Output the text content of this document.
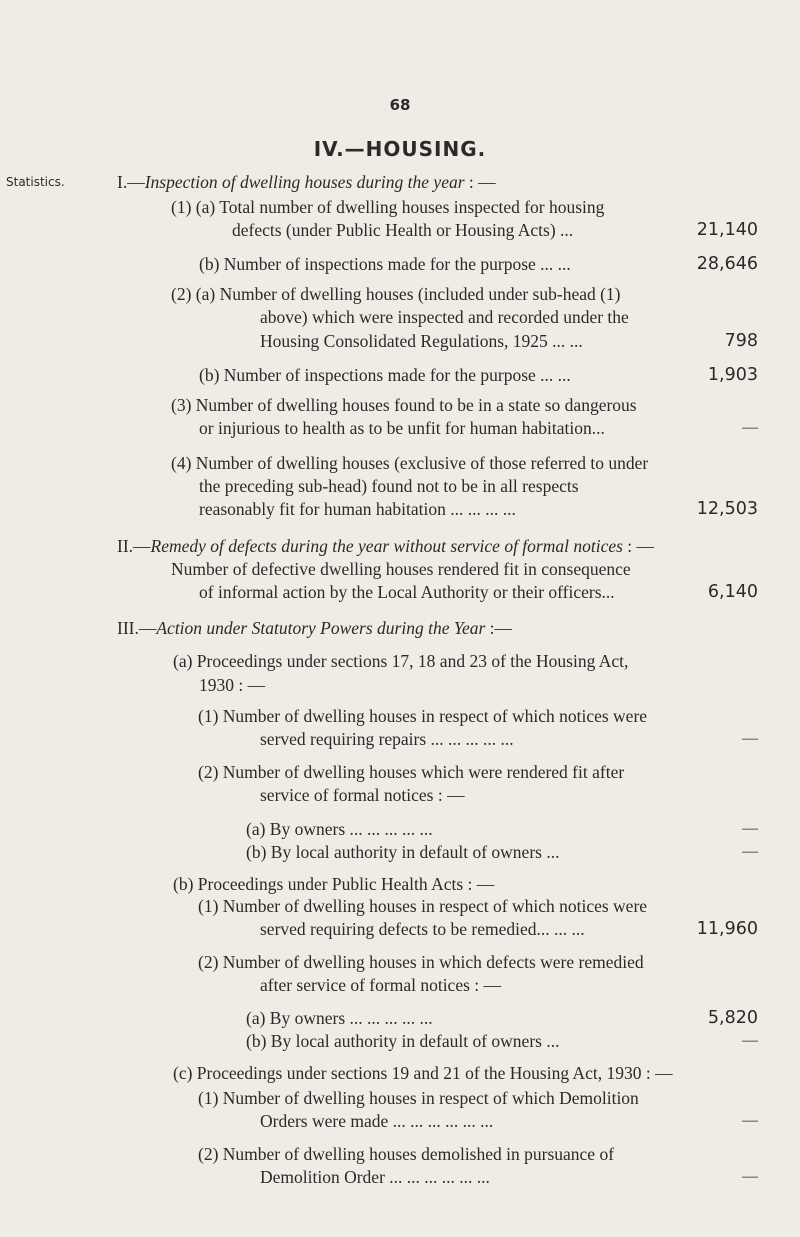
68
IV.—HOUSING.
Statistics.	I.—Inspection of dwelling houses during the year : —
(1) (a) Total number of dwelling houses inspected for housing
defects (under Public Health or Housing Acts) ...	21,140
(b) Number of inspections made for the purpose ... ...	28,646
(2) (a) Number of dwelling houses (included under sub-head (1)
above) which were inspected and recorded under the
Housing Consolidated Regulations, 1925 ... ...	798
(b) Number of inspections made for the purpose ... ...	1,903
(3) Number of dwelling houses found to be in a state so dangerous
or injurious to health as to be unfit for human habitation...	—
(4) Number of dwelling houses (exclusive of those referred to under
the preceding sub-head) found not to be in all respects
reasonably fit for human habitation ... ... ... ...	12,503
II.—Remedy of defects during the year without service of formal notices : —
Number of defective dwelling houses rendered fit in consequence
of informal action by the Local Authority or their officers...	6,140
III.—Action under Statutory Powers during the Year :—
(a) Proceedings under sections 17, 18 and 23 of the Housing Act,
1930 : —
(1) Number of dwelling houses in respect of which notices were
served requiring repairs ... ... ... ... ...	—
(2) Number of dwelling houses which were rendered fit after
service of formal notices : —
(a) By owners ... ... ... ... ...	—
(b) By local authority in default of owners ...	—
(b) Proceedings under Public Health Acts : —
(1) Number of dwelling houses in respect of which notices were
served requiring defects to be remedied... ... ...	11,960
(2) Number of dwelling houses in which defects were remedied
after service of formal notices : —
(a) By owners ... ... ... ... ...	5,820
(b) By local authority in default of owners ...	—
(c) Proceedings under sections 19 and 21 of the Housing Act, 1930 : —
(1) Number of dwelling houses in respect of which Demolition
Orders were made ... ... ... ... ... ...	—
(2) Number of dwelling houses demolished in pursuance of
Demolition Order ... ... ... ... ... ...	—
